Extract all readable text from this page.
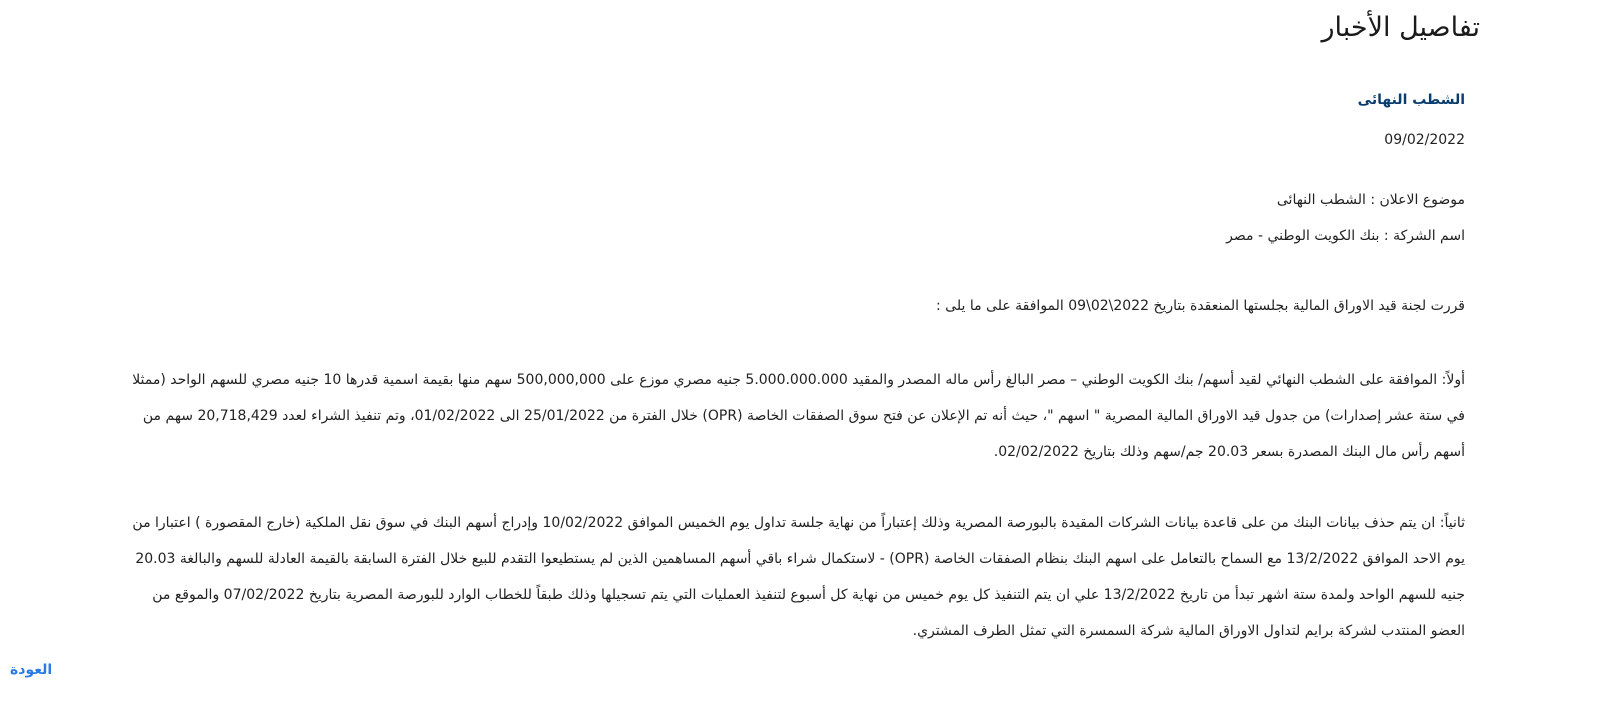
تفاصيل الأخبار
الشطب النهائى
09/02/2022
موضوع الاعلان : الشطب النهائى
اسم الشركة : بنك الكويت الوطني - مصر
قررت لجنة قيد الاوراق المالية بجلستها المنعقدة بتاريخ 2022\02\09 الموافقة على ما يلى :

أولاً: الموافقة على الشطب النهائي لقيد أسهم/ بنك الكويت الوطني – مصر البالغ رأس ماله المصدر والمقيد 5.000.000.000 جنيه مصري موزع على 500,000,000 سهم منها بقيمة اسمية قدرها 10 جنيه مصري للسهم الواحد (ممثلا في ستة عشر إصدارات) من جدول قيد الاوراق المالية المصرية " اسهم "، حيث أنه تم الإعلان عن فتح سوق الصفقات الخاصة (OPR) خلال الفترة من 25/01/2022 الى 01/02/2022، وتم تنفيذ الشراء لعدد 20,718,429 سهم من أسهم رأس مال البنك المصدرة بسعر 20.03 جم/سهم وذلك بتاريخ 02/02/2022.

ثانياً: ان يتم حذف بيانات البنك من على قاعدة بيانات الشركات المقيدة بالبورصة المصرية وذلك إعتباراً من نهاية جلسة تداول يوم الخميس الموافق 10/02/2022 وإدراج أسهم البنك في سوق نقل الملكية (خارج المقصورة ) اعتبارا من يوم الاحد الموافق 13/2/2022 مع السماح بالتعامل على اسهم البنك بنظام الصفقات الخاصة (OPR) - لاستكمال شراء باقي أسهم المساهمين الذين لم يستطيعوا التقدم للبيع خلال الفترة السابقة بالقيمة العادلة للسهم والبالغة 20.03 جنيه للسهم الواحد ولمدة ستة اشهر تبدأ من تاريخ 13/2/2022 علي ان يتم التنفيذ كل يوم خميس من نهاية كل أسبوع لتنفيذ العمليات التي يتم تسجيلها وذلك طبقاً للخطاب الوارد للبورصة المصرية بتاريخ 07/02/2022 والموقع من العضو المنتدب لشركة برايم لتداول الاوراق المالية شركة السمسرة التي تمثل الطرف المشتري.

العودة
